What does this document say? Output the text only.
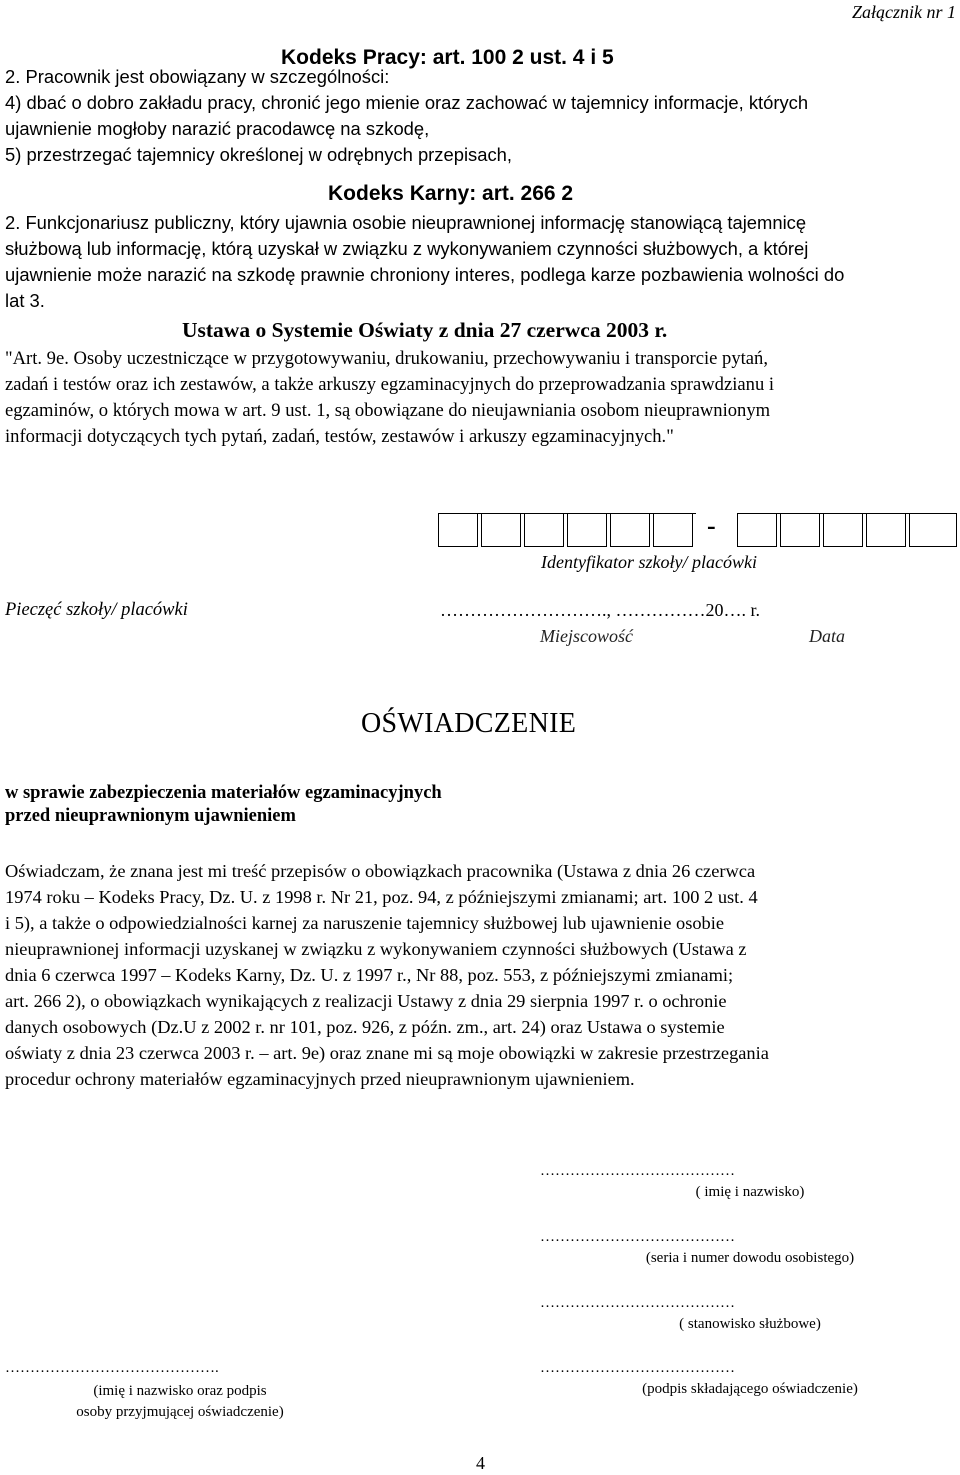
Załącznik nr 1
Kodeks Pracy: art. 100 2 ust. 4 i 5

2. Pracownik jest obowiązany w szczególności:

4) dbać o dobro zakładu pracy, chronić jego mienie oraz zachować w tajemnicy informacje, których

ujawnienie mogłoby narazić pracodawcę na szkodę,

5) przestrzegać tajemnicy określonej w odrębnych przepisach,

Kodeks Karny: art. 266 2

2. Funkcjonariusz publiczny, który ujawnia osobie nieuprawnionej informację stanowiącą tajemnicę

służbową lub informację, którą uzyskał w związku z wykonywaniem czynności służbowych, a której

ujawnienie może narazić na szkodę prawnie chroniony interes, podlega karze pozbawienia wolności do

lat 3.

Ustawa o Systemie Oświaty z dnia 27 czerwca 2003 r.

"Art. 9e. Osoby uczestniczące w przygotowywaniu, drukowaniu, przechowywaniu i transporcie pytań,

zadań i testów oraz ich zestawów, a także arkuszy egzaminacyjnych do przeprowadzania sprawdzianu i

egzaminów, o których mowa w art. 9 ust. 1, są obowiązane do nieujawniania osobom nieuprawnionym

informacji dotyczących tych pytań, zadań, testów, zestawów i arkuszy egzaminacyjnych."

-
Identyfikator szkoły/ placówki
Pieczęć szkoły/ placówki	………………………., ……………20…. r.
Miejscowość	Data
OŚWIADCZENIE
w sprawie zabezpieczenia materiałów egzaminacyjnych
przed nieuprawnionym ujawnieniem

Oświadczam, że znana jest mi treść przepisów o obowiązkach pracownika (Ustawa z dnia 26 czerwca

1974 roku – Kodeks Pracy, Dz. U. z 1998 r. Nr 21, poz. 94, z późniejszymi zmianami; art. 100 2 ust. 4

i 5), a także o odpowiedzialności karnej za naruszenie tajemnicy służbowej lub ujawnienie osobie

nieuprawnionej informacji uzyskanej w związku z wykonywaniem czynności służbowych (Ustawa z

dnia 6 czerwca 1997 – Kodeks Karny, Dz. U. z 1997 r., Nr 88, poz. 553, z późniejszymi zmianami;

art. 266 2), o obowiązkach wynikających z realizacji Ustawy z dnia 29 sierpnia 1997 r. o ochronie

danych osobowych (Dz.U z 2002 r. nr 101, poz. 926, z późn. zm., art. 24) oraz Ustawa o systemie

oświaty z dnia 23 czerwca 2003 r. – art. 9e) oraz znane mi są moje obowiązki w zakresie przestrzegania

procedur ochrony materiałów egzaminacyjnych przed nieuprawnionym ujawnieniem.

…………………………………
( imię i nazwisko)
…………………………………
(seria i numer dowodu osobistego)
…………………………………
( stanowisko służbowe)
…………………………………
(podpis składającego oświadczenie)
…………………………………….
(imię i nazwisko oraz podpis
osoby przyjmującej oświadczenie)
4
